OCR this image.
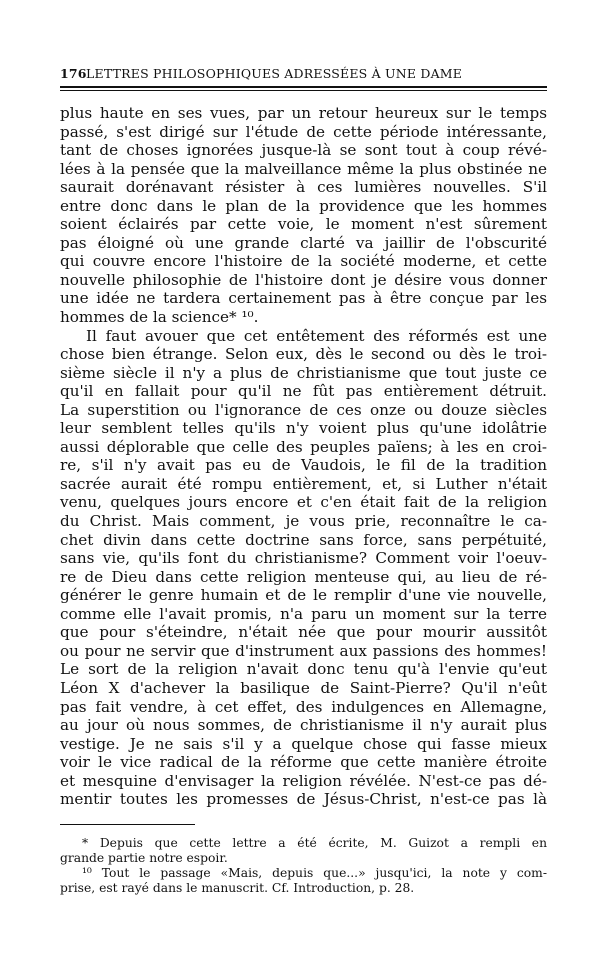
176 LETTRES PHILOSOPHIQUES ADRESSÉES À UNE DAME
plus haute en ses vues, par un retour heureux sur le temps
passé, s'est dirigé sur l'étude de cette période intéressante,
tant de choses ignorées jusque-là se sont tout à coup révé-
lées à la pensée que la malveillance même la plus obstinée ne
saurait dorénavant résister à ces lumières nouvelles. S'il
entre donc dans le plan de la providence que les hommes
soient éclairés par cette voie, le moment n'est sûrement
pas éloigné où une grande clarté va jaillir de l'obscurité
qui couvre encore l'histoire de la société moderne, et cette
nouvelle philosophie de l'histoire dont je désire vous donner
une idée ne tardera certainement pas à être conçue par les
hommes de la science* ¹⁰.
Il faut avouer que cet entêtement des réformés est une
chose bien étrange. Selon eux, dès le second ou dès le troi-
sième siècle il n'y a plus de christianisme que tout juste ce
qu'il en fallait pour qu'il ne fût pas entièrement détruit.
La superstition ou l'ignorance de ces onze ou douze siècles
leur semblent telles qu'ils n'y voient plus qu'une idolâtrie
aussi déplorable que celle des peuples païens; à les en croi-
re, s'il n'y avait pas eu de Vaudois, le fil de la tradition
sacrée aurait été rompu entièrement, et, si Luther n'était
venu, quelques jours encore et c'en était fait de la religion
du Christ. Mais comment, je vous prie, reconnaître le ca-
chet divin dans cette doctrine sans force, sans perpétuité,
sans vie, qu'ils font du christianisme? Comment voir l'oeuv-
re de Dieu dans cette religion menteuse qui, au lieu de ré-
générer le genre humain et de le remplir d'une vie nouvelle,
comme elle l'avait promis, n'a paru un moment sur la terre
que pour s'éteindre, n'était née que pour mourir aussitôt
ou pour ne servir que d'instrument aux passions des hommes!
Le sort de la religion n'avait donc tenu qu'à l'envie qu'eut
Léon X d'achever la basilique de Saint-Pierre? Qu'il n'eût
pas fait vendre, à cet effet, des indulgences en Allemagne,
au jour où nous sommes, de christianisme il n'y aurait plus
vestige. Je ne sais s'il y a quelque chose qui fasse mieux
voir le vice radical de la réforme que cette manière étroite
et mesquine d'envisager la religion révélée. N'est-ce pas dé-
mentir toutes les promesses de Jésus-Christ, n'est-ce pas là
* Depuis que cette lettre a été écrite, M. Guizot a rempli en
grande partie notre espoir.
¹⁰ Tout le passage «Mais, depuis que...» jusqu'ici, la note y com-
prise, est rayé dans le manuscrit. Cf. Introduction, p. 28.
